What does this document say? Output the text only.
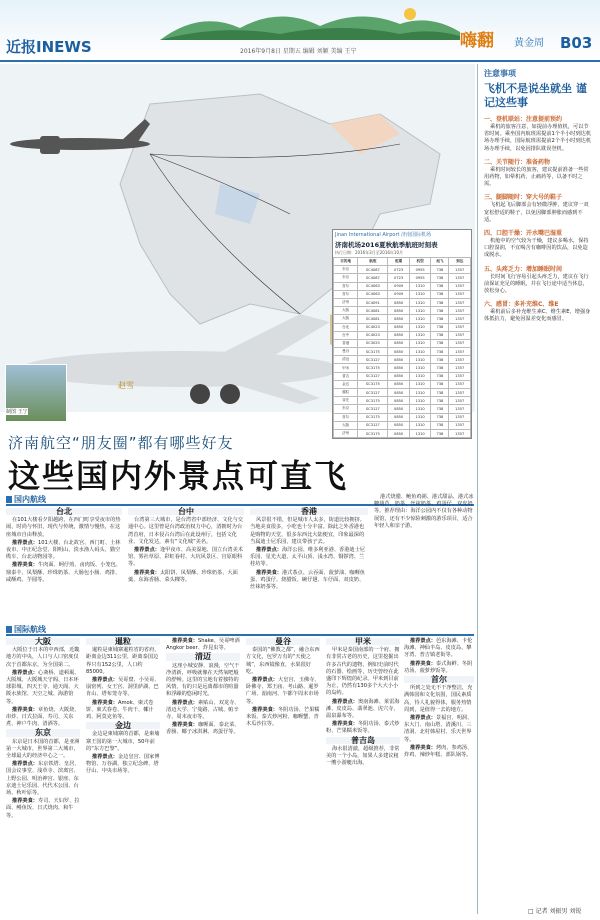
近报INEWS	2016年9月8日 星期五 编辑 刘颖 美编 王宁
嗨翻 黄金周 B03
Jinan International Airport 济南国际机场
济南机场2016夏秋航季航班时刻表
执行日期：2016年3月至2016年10月
目的地	航班	班期	机型	起飞	到达
东京	SC4087	0723	0955	738	1357
东京	SC4087	0723	0955	738	1357
首尔	SC4063	0909	1310	738	1357
首尔	SC4063	0909	1310	738	1357
济州	SC4091	0850	1310	738	1357
大阪	SC4081	0850	1310	738	1357
大阪	SC4081	0850	1310	738	1357
台北	SC4023	0850	1310	738	1357
台中	SC4023	0850	1310	738	1357
香港	SC3025	0850	1310	738	1357
曼谷	SC3175	0850	1310	738	1357
清迈	SC3127	0850	1310	738	1357
甲米	SC3175	0850	1310	738	1357
普吉	SC3127	0850	1310	738	1357
金边	SC3175	0850	1310	738	1357
暹粒	SC3127	0850	1310	738	1357
芽庄	SC3175	0850	1310	738	1357
东京	SC3127	0850	1310	738	1357
首尔	SC3175	0850	1310	738	1357
大阪	SC3127	0850	1310	738	1357
济州	SC3175	0850	1310	738	1357
制图 王宁
赵雪
济南航空“朋友圈”都有哪些好友
这些国内外景点可直飞
国内航线
台北

在101大楼看夕阳越跨，在西门町享受夜市的热闹，时尚与怀旧，现代与传统，激情与慢热，在这座城市自由释放。

推荐景点：101大楼、台北故宫、西门町、士林夜市、中正纪念堂、阳明山、淡水渔人码头、猫空缆车、台北动物园等。

推荐美食：牛肉面、蚵仔煎、卤肉饭、小笼包、鼎泰丰、凤梨酥、珍珠奶茶、大肠包小肠、鸡排、咸酥鸡、芋圆等。

台中

台湾第三大城市，是台湾省中部经济、文化与交通中心。这里曾是台湾政治权力中心，清朝时为台湾首府，日本侵占台湾后在此设州厅，包括文化业、文化发达，素有“文化城”美名。

推荐景点：逢甲夜市、高美湿地、国立台湾美术馆、雾社草原、彩虹眷村、大坑风景区、宫原眼科等。

推荐美食：太阳饼、凤梨酥、珍珠奶茶、大面羹、东海香肠、菜头粿等。

香港

风景很不错，但是城市人太多，街道比较拥挤。当地美食很多，小吃也十分丰富。除此之外香港也是购物的天堂，很多东西比大陆便宜，印象最深的当属迪士尼乐园，建议带孩子去。

推荐景点：海洋公园、维多利亚港、香港迪士尼乐园、星光大道、太平山顶、浅水湾、铜锣湾、兰桂坊等。

推荐美食：港式茶点、云吞面、菠萝油、咖喱鱼蛋、鸡蛋仔、烧腊饭、碗仔翅、车仔面、双皮奶、丝袜奶茶等。

港式烧腊、鲍鱼鸡粥、港式甜品、港式冰糖葫芦、奶茶、丝袜奶茶、鸡蛋仔、双皮奶等。推荐理由：海洋公园内不仅有各种动物展馆，还有不少惊险刺激的游乐项目，适合年轻人和亲子游。

国际航线
大阪

大阪位于日本的中西部，近畿地方的中央，人口与人口密度仅次于首都东京，为全国第二。

推荐景点：心斋桥、道顿堀、大阪城、大阪城天守阁、日本环球影城、四天王寺、通天阁、大阪水族馆、天空之城、海游馆等。

推荐美食：章鱼烧、大阪烧、串炸、日式拉面、寿司、关东煮、神户牛肉、清酒等。

东京

东京是日本国的首都，是亚洲第一大城市，世界第二大城市，全球最大的经济中心之一。

推荐景点：东京铁塔、皇居、国会议事堂、浅草寺、滨离宫、上野公园、明治神宫、银座、东京迪士尼乐园、代代木公园、台场、秋叶原等。

推荐美食：寿司、天妇罗、拉面、鳗鱼饭、日式烧肉、和牛等。

暹粒

暹粒是柬埔寨暹粒省的省府，距离金边311公里，距离泰国边界只有152公里，人口约85000。

推荐景点：吴哥窟、小吴哥、崩密列、女王宫、洞里萨湖、巴肯山、塔布笼寺等。

推荐美食：Amok、柬式卷饼、柬式春卷、牛肉干、椰汁鸡、阿莫克鱼等。

金边

金边是柬埔寨的首都，是柬埔寨王国的第一大城市，50年前的“东方巴黎”。

推荐景点：金边皇宫、国家博物馆、万谷湖、独立纪念碑、塔仔山、中央市场等。

推荐美食：Shake、吴哥啤酒 Angkor beer、炸昆虫等。

清迈

这座小城安静、浪漫，空气干净清新，呼吸就像在天然氧吧般的舒畅。这里的宝地有着独特的风情，有的只是远离都市的喧嚣和浮躁的悠闲时光。

推荐景点：素贴山、双龙寺、清迈大学、宁曼路、古城、帕辛寺、周末夜市等。

推荐美食：咖喱面、泰北菜、香肠、椰子冰淇淋、鸡蛋仔等。

曼谷

泰国的“佛教之都”，融合东西方文化，包罗万有的“天使之城”，东西镜像直，水果很好吃。

推荐景点：大皇宫、玉佛寺、卧佛寺、郑王庙、考山路、暹罗广场、湄南河、乍都乍周末市场等。

推荐美食：冬阴功汤、芒果糯米饭、泰式炒河粉、咖喱蟹、青木瓜沙拉等。

甲米

甲米是泰国南部的一个府，拥有非常古老的历史，这里挖掘出许多古代的遗物，例如史前时代的石器、绘画等，历史曾经在此盛印下辉煌的纪录。甲米到目前为止，仍然有130多个大大小小的岛屿。

推荐景点：奥南海滩、莱雷海滩、皮皮岛、翡翠池、虎穴寺、温泉瀑布等。

推荐美食：冬阴功汤、泰式炒粉、芒果糯米饭等。

普吉岛

海水很清澈，超级推荐，非常美的一个小岛，如果人多建议租一艘小游艇出海。

推荐景点：芭东海滩、卡伦海滩、神仙半岛、皮皮岛、攀牙湾、普吉镇老街等。

推荐美食：泰式海鲜、冬阴功汤、菠萝炒饭等。

首尔

所到之处无不干净整洁，充满韩国和文化氛围，国民素质高，待人礼貌得体，服务热情周到，是值得一去的地方。

推荐景点：景福宫、明洞、东大门、南山塔、清溪川、三清洞、北村韩屋村、乐天世界等。

推荐美食：烤肉、参鸡汤、炸鸡、辣炒年糕、部队锅等。

注意事项
飞机不是说坐就坐 谨记这些事
一、登机联站：注意提前预约
乘机的旅客注意，如提前办理值机，可以节省时间。乘坐国内航班需提前1个半小时到达机场办理手续，国际航班需提前2个半小时到达机场办理手续，以免因排队耽误登机。
二、关节随行：准备药物
乘机时间较长的旅客，建议提前准备一些常用药物，如晕机药、止痛药等，以备不时之需。
三、腿脚随时：穿大号的鞋子
飞机起飞后脚部会有轻微浮肿，建议穿一双宽松舒适的鞋子，以免因脚部肿胀而感到不适。
四、口腔干燥：开水嘴巴湿重
机舱中的空气较为干燥，建议多喝水，保持口腔湿润，不宜喝含有咖啡因的饮品，以免造成脱水。
五、头疼乏力：增加睡眠时间
长时间飞行容易引起头疼乏力，建议在飞行前保证充足的睡眠，并在飞行途中适当休息，放松身心。
六、感冒：多补充维C、维E
乘机前后多补充维生素C、维生素E，增强身体抵抗力，避免因温差变化而感冒。
□ 记者 刘振男 刘锐
